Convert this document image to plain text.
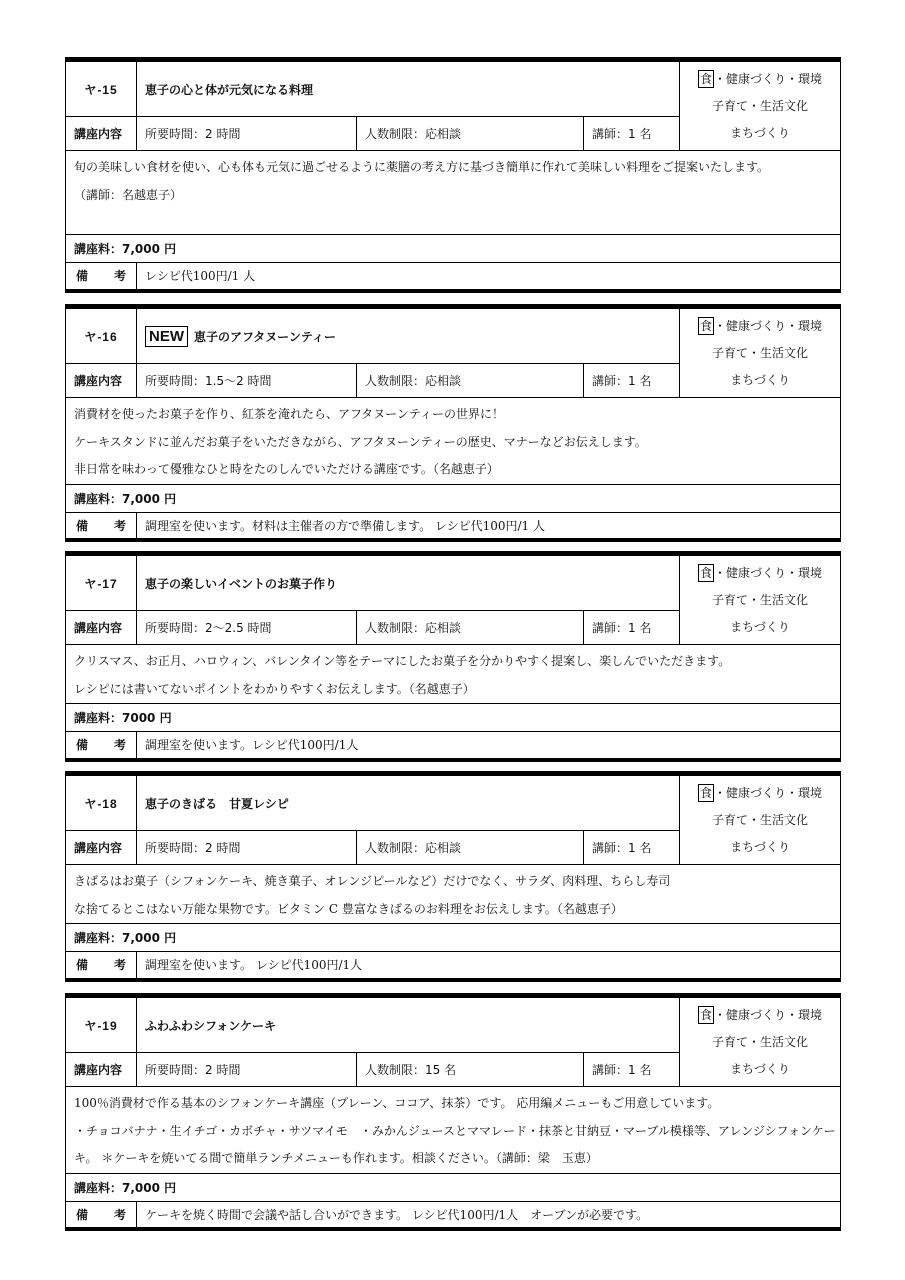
ヤ-15	恵子の心と体が元気になる料理			食 ・健康づくり・環境
子育て・生活文化
まちづくり

講座内容	所要時間：2 時間	人数制限：応相談	講師：1 名	

旬の美味しい食材を使い、心も体も元気に過ごせるように薬膳の考え方に基づき簡単に作れて美味しい料理をご提案いたします。

（講師：名越恵子）				

講座料：7,000 円				
備　考	レシピ代100円/1 人			
ヤ-16	NEW 恵子のアフタヌーンティー			食 ・健康づくり・環境
子育て・生活文化
まちづくり

講座内容	所要時間：1.5～2 時間	人数制限：応相談	講師：1 名	

消費材を使ったお菓子を作り、紅茶を淹れたら、アフタヌーンティーの世界に！

ケーキスタンドに並んだお菓子をいただきながら、アフタヌーンティーの歴史、マナーなどお伝えします。

非日常を味わって優雅なひと時をたのしんでいただける講座です。（名越恵子）				

講座料：7,000 円				
備　考	調理室を使います。材料は主催者の方で準備します。 レシピ代100円/1 人			
ヤ-17	恵子の楽しいイベントのお菓子作り			食 ・健康づくり・環境
子育て・生活文化
まちづくり

講座内容	所要時間：2～2.5 時間	人数制限：応相談	講師：1 名	

クリスマス、お正月、ハロウィン、バレンタイン等をテーマにしたお菓子を分かりやすく提案し、楽しんでいただきます。

レシピには書いてないポイントをわかりやすくお伝えします。（名越恵子）				

講座料：7000 円				
備　考	調理室を使います。レシピ代100円/1人			
ヤ-18	恵子のきばる　甘夏レシピ			食 ・健康づくり・環境
子育て・生活文化
まちづくり

講座内容	所要時間：2 時間	人数制限：応相談	講師：1 名	

きばるはお菓子（シフォンケーキ、焼き菓子、オレンジピールなど）だけでなく、サラダ、肉料理、ちらし寿司

な捨てるとこはない万能な果物です。ビタミン C 豊富なきばるのお料理をお伝えします。（名越恵子）				

講座料：7,000 円				
備　考	調理室を使います。 レシピ代100円/1人			
ヤ-19	ふわふわシフォンケーキ			食 ・健康づくり・環境
子育て・生活文化
まちづくり

講座内容	所要時間：2 時間	人数制限：15 名	講師：1 名	

100％消費材で作る基本のシフォンケーキ講座（プレーン、ココア、抹茶）です。 応用編メニューもご用意しています。

・チョコバナナ・生イチゴ・カボチャ・サツマイモ　・みかんジュースとママレード・抹茶と甘納豆・マーブル模様等、アレンジシフォンケー

キ。 ＊ケーキを焼いてる間で簡単ランチメニューも作れます。相談ください。（講師：梁　玉恵）				

講座料：7,000 円				
備　考	ケーキを焼く時間で会議や話し合いができます。 レシピ代100円/1人　オーブンが必要です。			
